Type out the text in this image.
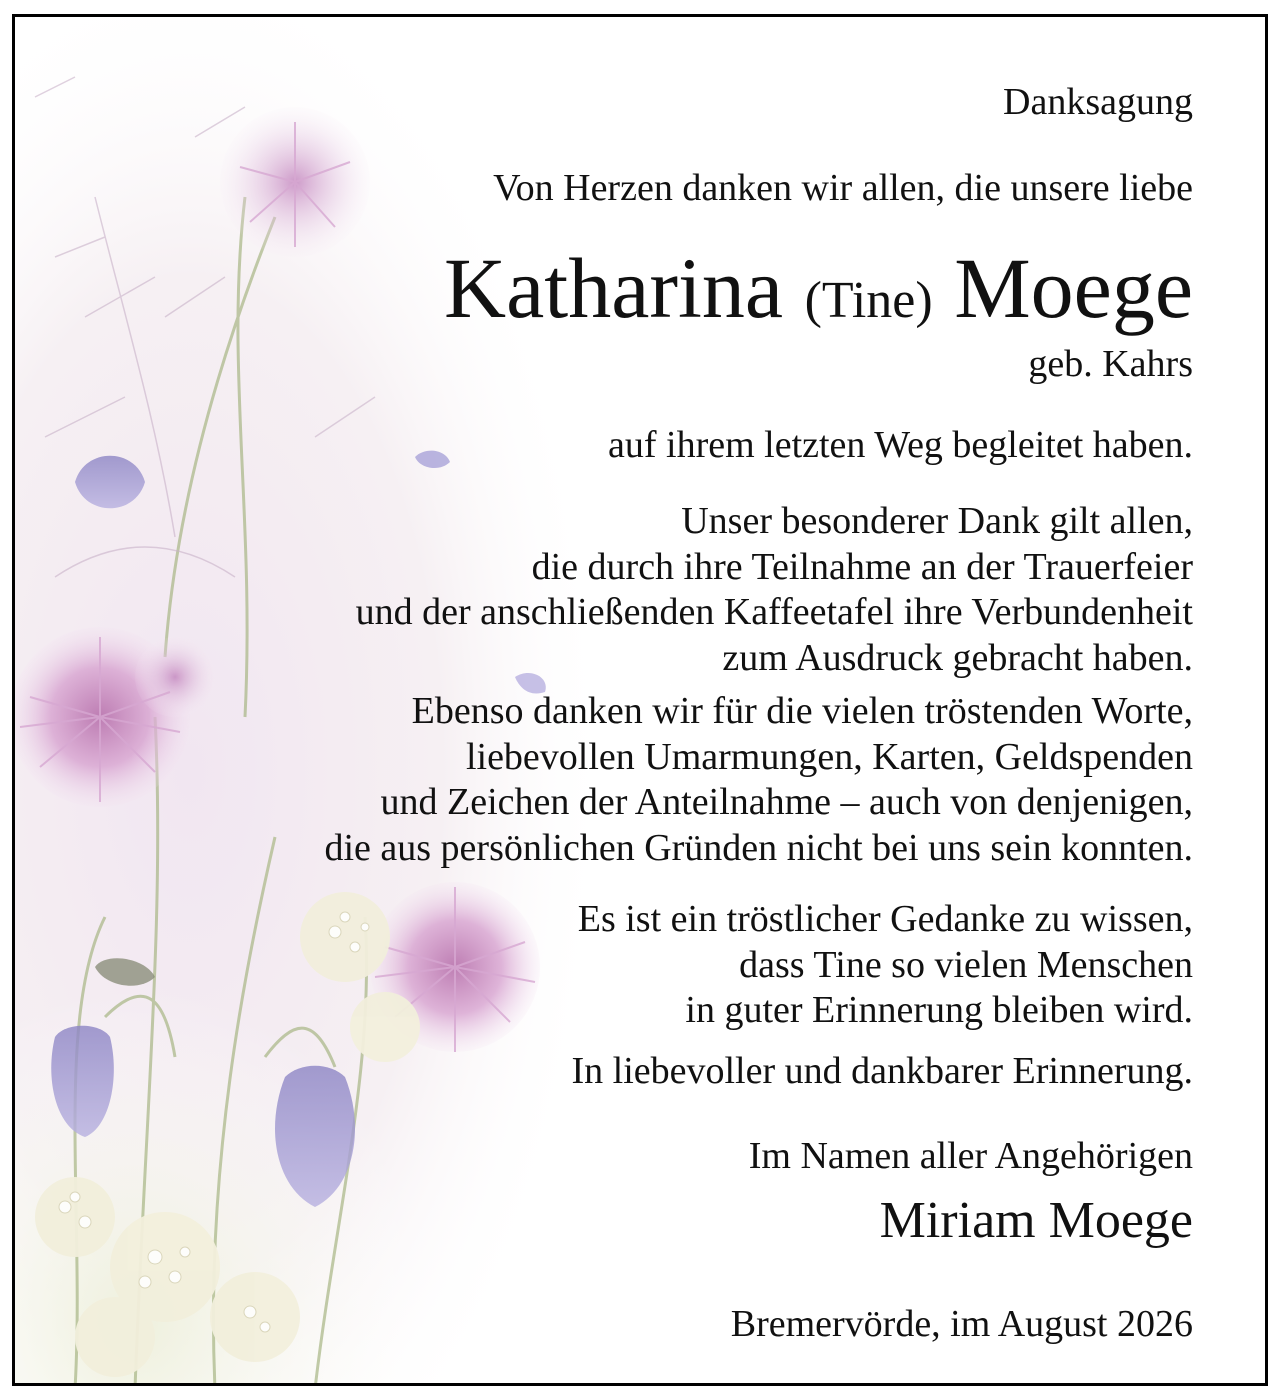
Danksagung
Von Herzen danken wir allen, die unsere liebe
Katharina (Tine) Moege
geb. Kahrs
auf ihrem letzten Weg begleitet haben.
Unser besonderer Dank gilt allen,
die durch ihre Teilnahme an der Trauerfeier
und der anschließenden Kaffeetafel ihre Verbundenheit
zum Ausdruck gebracht haben.
Ebenso danken wir für die vielen tröstenden Worte,
liebevollen Umarmungen, Karten, Geldspenden
und Zeichen der Anteilnahme – auch von denjenigen,
die aus persönlichen Gründen nicht bei uns sein konnten.
Es ist ein tröstlicher Gedanke zu wissen,
dass Tine so vielen Menschen
in guter Erinnerung bleiben wird.
In liebevoller und dankbarer Erinnerung.
Im Namen aller Angehörigen
Miriam Moege
Bremervörde, im August 2026
